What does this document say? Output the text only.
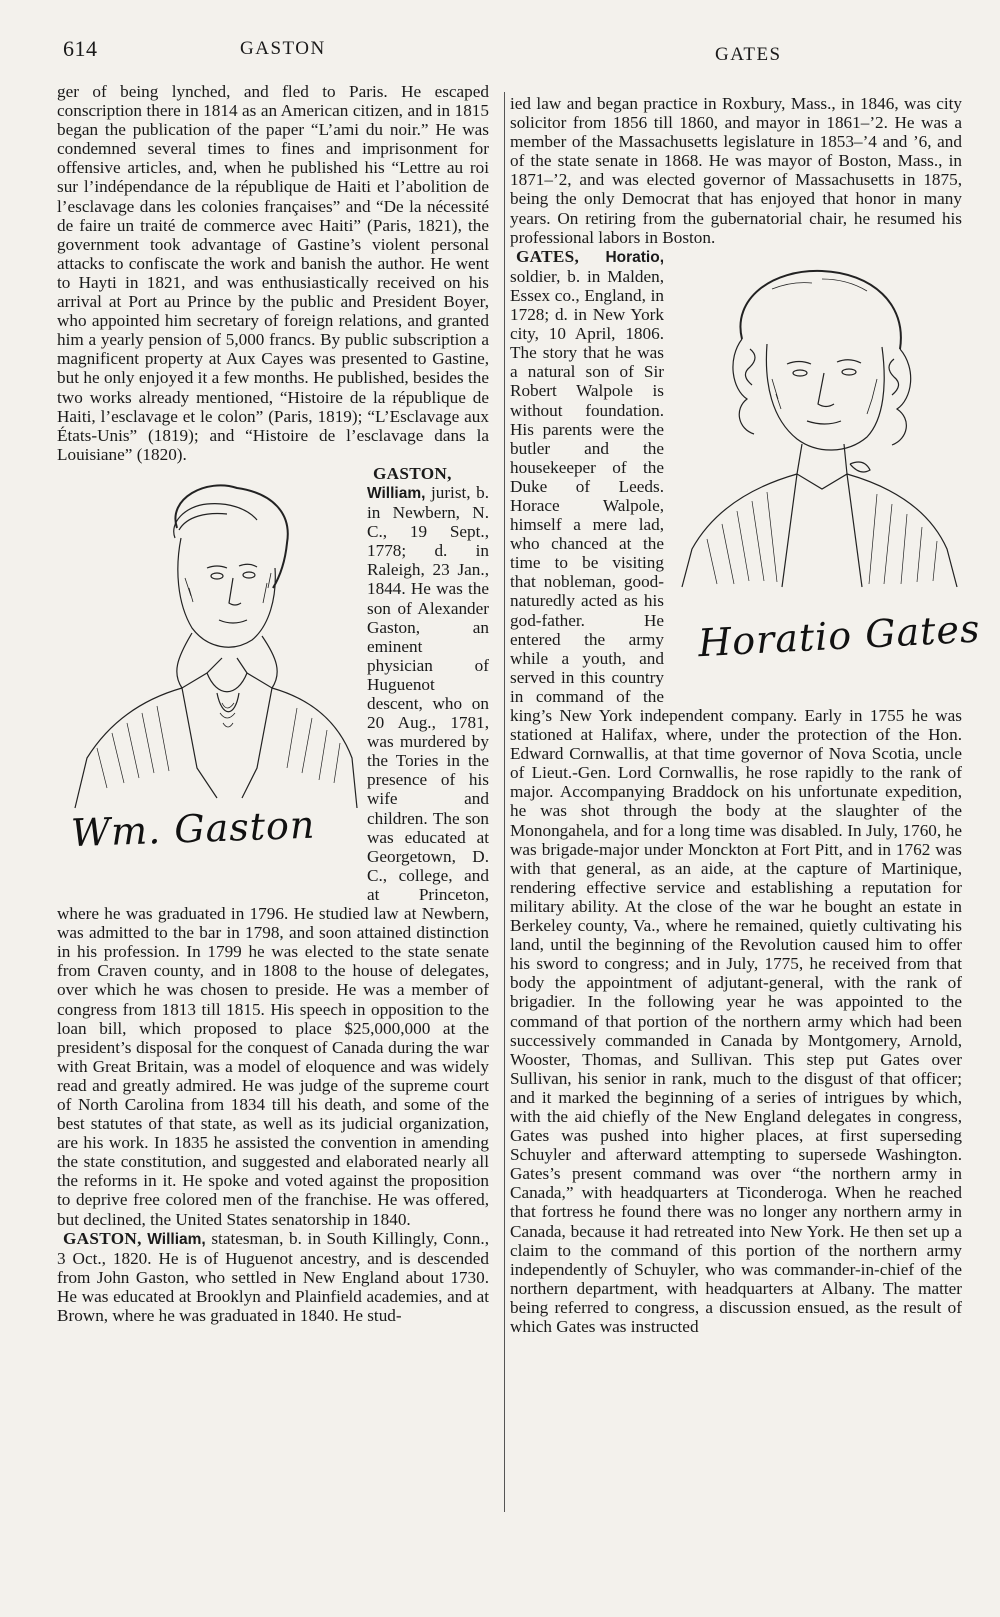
614	GASTON	GATES

ger of being lynched, and fled to Paris. He escaped conscription there in 1814 as an American citizen, and in 1815 began the publication of the paper “L’ami du noir.” He was condemned several times to fines and imprisonment for offensive articles, and, when he published his “Lettre au roi sur l’indépendance de la république de Haiti et l’abolition de l’esclavage dans les colonies françaises” and “De la nécessité de faire un traité de commerce avec Haiti” (Paris, 1821), the government took advantage of Gastine’s violent personal attacks to confiscate the work and banish the author. He went to Hayti in 1821, and was enthusiastically received on his arrival at Port au Prince by the public and President Boyer, who appointed him secretary of foreign relations, and granted him a yearly pension of 5,000 francs. By public subscription a magnificent property at Aux Cayes was presented to Gastine, but he only enjoyed it a few months. He published, besides the two works already mentioned, “Histoire de la république de Haiti, l’esclavage et le colon” (Paris, 1819); “L’Esclavage aux États-Unis” (1819); and “Histoire de l’esclavage dans la Louisiane” (1820).

Wm. Gaston
GASTON, William, jurist, b. in Newbern, N. C., 19 Sept., 1778; d. in Raleigh, 23 Jan., 1844. He was the son of Alexander Gaston, an eminent physician of Huguenot descent, who on 20 Aug., 1781, was murdered by the Tories in the presence of his wife and children. The son was educated at Georgetown, D. C., college, and at Princeton, where he was graduated in 1796. He studied law at Newbern, was admitted to the bar in 1798, and soon attained distinction in his profession. In 1799 he was elected to the state senate from Craven county, and in 1808 to the house of delegates, over which he was chosen to preside. He was a member of congress from 1813 till 1815. His speech in opposition to the loan bill, which proposed to place $25,000,000 at the president’s disposal for the conquest of Canada during the war with Great Britain, was a model of eloquence and was widely read and greatly admired. He was judge of the supreme court of North Carolina from 1834 till his death, and some of the best statutes of that state, as well as its judicial organization, are his work. In 1835 he assisted the convention in amending the state constitution, and suggested and elaborated nearly all the reforms in it. He spoke and voted against the proposition to deprive free colored men of the franchise. He was offered, but declined, the United States senatorship in 1840.

GASTON, William, statesman, b. in South Killingly, Conn., 3 Oct., 1820. He is of Huguenot ancestry, and is descended from John Gaston, who settled in New England about 1730. He was educated at Brooklyn and Plainfield academies, and at Brown, where he was graduated in 1840. He stud-

ied law and began practice in Roxbury, Mass., in 1846, was city solicitor from 1856 till 1860, and mayor in 1861–’2. He was a member of the Massachusetts legislature in 1853–’4 and ’6, and of the state senate in 1868. He was mayor of Boston, Mass., in 1871–’2, and was elected governor of Massachusetts in 1875, being the only Democrat that has enjoyed that honor in many years. On retiring from the gubernatorial chair, he resumed his professional labors in Boston.

GATES, Horatio,
Horatio Gates
soldier, b. in Malden, Essex co., England, in 1728; d. in New York city, 10 April, 1806. The story that he was a natural son of Sir Robert Walpole is without foundation. His parents were the butler and the housekeeper of the Duke of Leeds. Horace Walpole, himself a mere lad, who chanced at the time to be visiting that nobleman, good-naturedly acted as his god-father. He entered the army while a youth, and served in this country in command of the king’s New York independent company. Early in 1755 he was stationed at Halifax, where, under the protection of the Hon. Edward Cornwallis, at that time governor of Nova Scotia, uncle of Lieut.-Gen. Lord Cornwallis, he rose rapidly to the rank of major. Accompanying Braddock on his unfortunate expedition, he was shot through the body at the slaughter of the Monongahela, and for a long time was disabled. In July, 1760, he was brigade-major under Monckton at Fort Pitt, and in 1762 was with that general, as an aide, at the capture of Martinique, rendering effective service and establishing a reputation for military ability. At the close of the war he bought an estate in Berkeley county, Va., where he remained, quietly cultivating his land, until the beginning of the Revolution caused him to offer his sword to congress; and in July, 1775, he received from that body the appointment of adjutant-general, with the rank of brigadier. In the following year he was appointed to the command of that portion of the northern army which had been successively commanded in Canada by Montgomery, Arnold, Wooster, Thomas, and Sullivan. This step put Gates over Sullivan, his senior in rank, much to the disgust of that officer; and it marked the beginning of a series of intrigues by which, with the aid chiefly of the New England delegates in congress, Gates was pushed into higher places, at first superseding Schuyler and afterward attempting to supersede Washington. Gates’s present command was over “the northern army in Canada,” with headquarters at Ticonderoga. When he reached that fortress he found there was no longer any northern army in Canada, because it had retreated into New York. He then set up a claim to the command of this portion of the northern army independently of Schuyler, who was commander-in-chief of the northern department, with headquarters at Albany. The matter being referred to congress, a discussion ensued, as the result of which Gates was instructed
